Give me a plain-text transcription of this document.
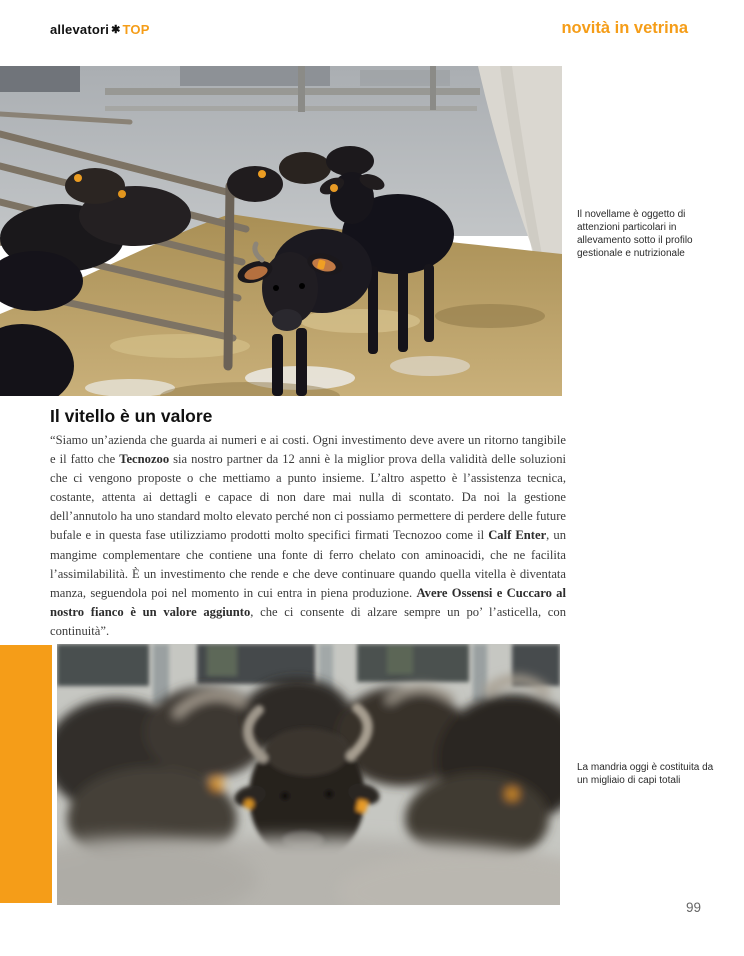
allevatori ✱ TOP	novità in vetrina
Il novellame è oggetto di attenzioni particolari in allevamento sotto il profilo gestionale e nutrizionale
Il vitello è un valore

“Siamo un’azienda che guarda ai numeri e ai costi. Ogni investimento deve avere un ritorno tangibile e il fatto che Tecnozoo sia nostro partner da 12 anni è la miglior prova della validità delle soluzioni che ci vengono proposte o che mettiamo a punto insieme. L’altro aspetto è l’assistenza tecnica, costante, attenta ai dettagli e capace di non dare mai nulla di scontato. Da noi la gestione dell’annutolo ha uno standard molto elevato perché non ci possiamo permettere di perdere delle future bufale e in questa fase utilizziamo prodotti molto specifici firmati Tecnozoo come il Calf Enter, un mangime complementare che contiene una fonte di ferro chelato con aminoacidi, che ne facilita l’assimilabilità. È un investimento che rende e che deve continuare quando quella vitella è diventata manza, seguendola poi nel momento in cui entra in piena produzione. Avere Ossensi e Cuccaro al nostro fianco è un valore aggiunto, che ci consente di alzare sempre un po’ l’asticella, con continuità”.

La mandria oggi è costituita da un migliaio di capi totali
99
